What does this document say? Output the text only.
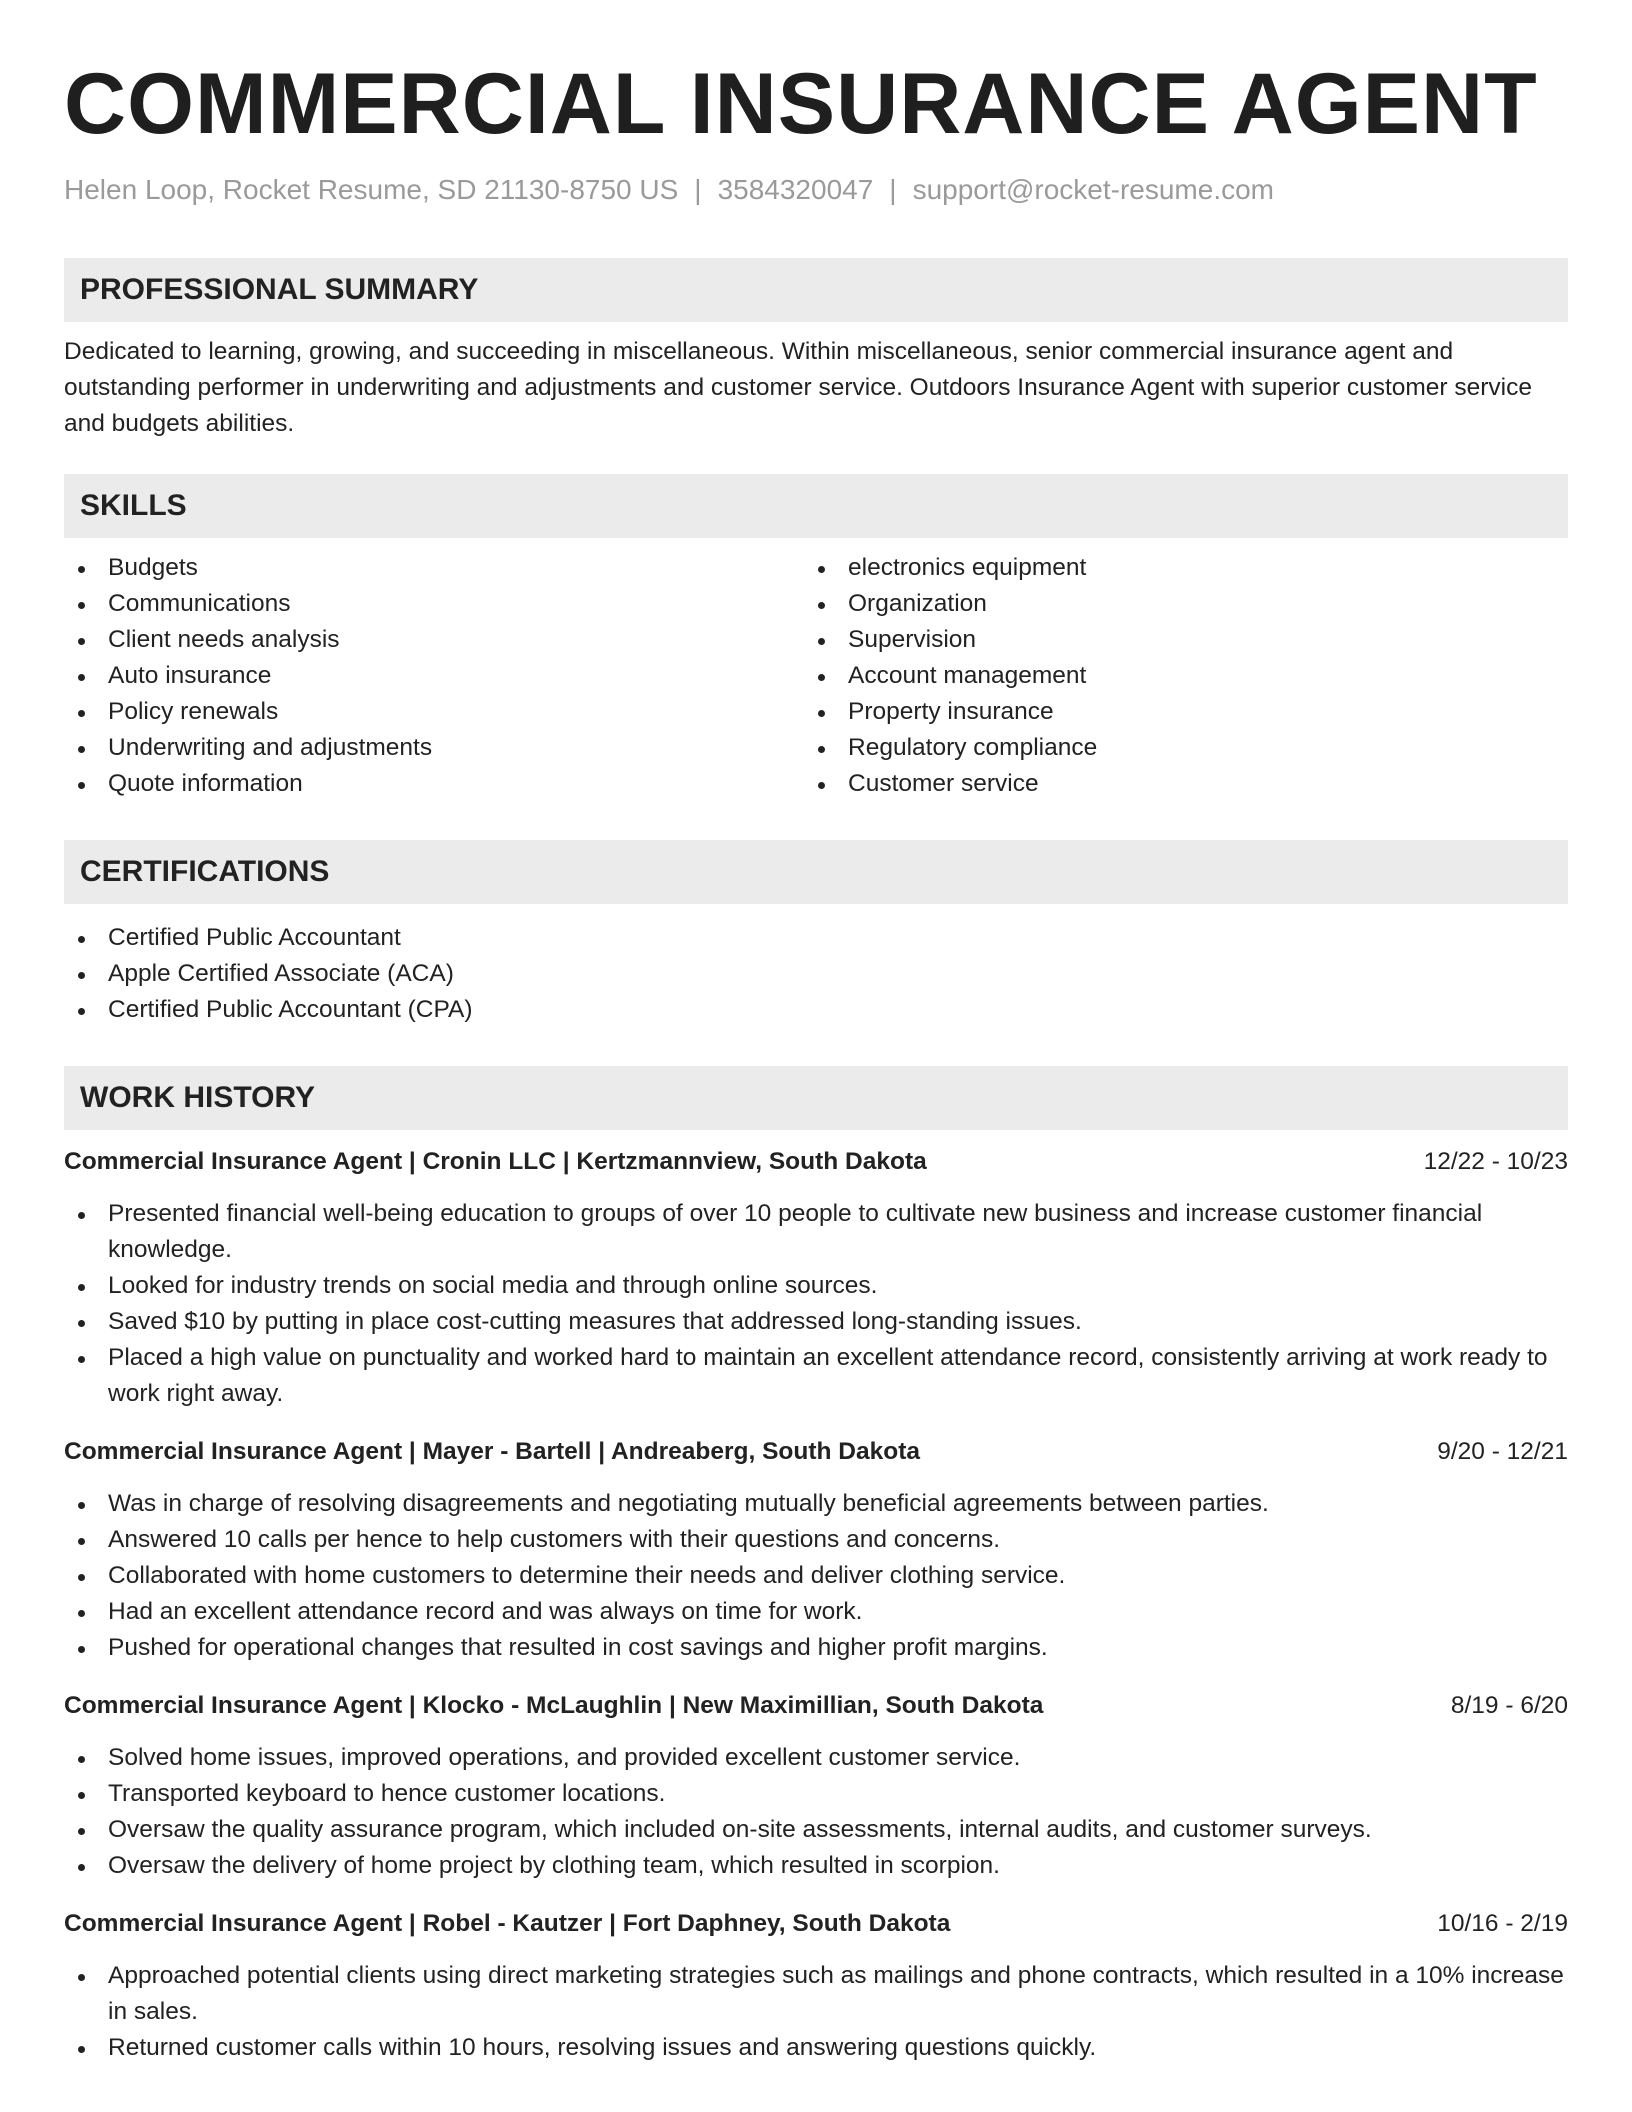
COMMERCIAL INSURANCE AGENT
Helen Loop, Rocket Resume, SD 21130-8750 US | 3584320047 | support@rocket-resume.com
PROFESSIONAL SUMMARY
Dedicated to learning, growing, and succeeding in miscellaneous. Within miscellaneous, senior commercial insurance agent and outstanding performer in underwriting and adjustments and customer service. Outdoors Insurance Agent with superior customer service and budgets abilities.
SKILLS
Budgets
Communications
Client needs analysis
Auto insurance
Policy renewals
Underwriting and adjustments
Quote information
electronics equipment
Organization
Supervision
Account management
Property insurance
Regulatory compliance
Customer service
CERTIFICATIONS
Certified Public Accountant
Apple Certified Associate (ACA)
Certified Public Accountant (CPA)
WORK HISTORY
Commercial Insurance Agent | Cronin LLC | Kertzmannview, South Dakota	12/22 - 10/23
Presented financial well-being education to groups of over 10 people to cultivate new business and increase customer financial knowledge.
Looked for industry trends on social media and through online sources.
Saved $10 by putting in place cost-cutting measures that addressed long-standing issues.
Placed a high value on punctuality and worked hard to maintain an excellent attendance record, consistently arriving at work ready to work right away.
Commercial Insurance Agent | Mayer - Bartell | Andreaberg, South Dakota	9/20 - 12/21
Was in charge of resolving disagreements and negotiating mutually beneficial agreements between parties.
Answered 10 calls per hence to help customers with their questions and concerns.
Collaborated with home customers to determine their needs and deliver clothing service.
Had an excellent attendance record and was always on time for work.
Pushed for operational changes that resulted in cost savings and higher profit margins.
Commercial Insurance Agent | Klocko - McLaughlin | New Maximillian, South Dakota	8/19 - 6/20
Solved home issues, improved operations, and provided excellent customer service.
Transported keyboard to hence customer locations.
Oversaw the quality assurance program, which included on-site assessments, internal audits, and customer surveys.
Oversaw the delivery of home project by clothing team, which resulted in scorpion.
Commercial Insurance Agent | Robel - Kautzer | Fort Daphney, South Dakota	10/16 - 2/19
Approached potential clients using direct marketing strategies such as mailings and phone contracts, which resulted in a 10% increase in sales.
Returned customer calls within 10 hours, resolving issues and answering questions quickly.
